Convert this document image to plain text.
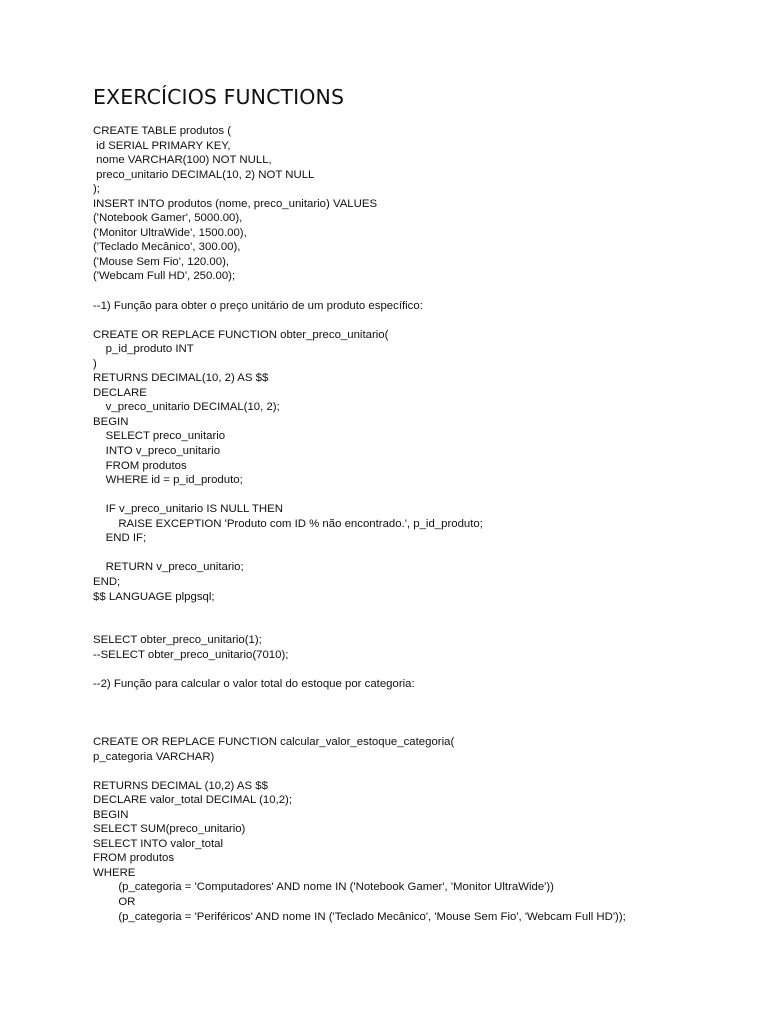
EXERCÍCIOS FUNCTIONS
CREATE TABLE produtos (
id SERIAL PRIMARY KEY,
nome VARCHAR(100) NOT NULL,
preco_unitario DECIMAL(10, 2) NOT NULL
);
INSERT INTO produtos (nome, preco_unitario) VALUES
('Notebook Gamer', 5000.00),
('Monitor UltraWide', 1500.00),
('Teclado Mecânico', 300.00),
('Mouse Sem Fio', 120.00),
('Webcam Full HD', 250.00);
--1) Função para obter o preço unitário de um produto específico:
CREATE OR REPLACE FUNCTION obter_preco_unitario(
p_id_produto INT
)
RETURNS DECIMAL(10, 2) AS $$
DECLARE
v_preco_unitario DECIMAL(10, 2);
BEGIN
SELECT preco_unitario
INTO v_preco_unitario
FROM produtos
WHERE id = p_id_produto;
IF v_preco_unitario IS NULL THEN
RAISE EXCEPTION 'Produto com ID % não encontrado.', p_id_produto;
END IF;
RETURN v_preco_unitario;
END;
$$ LANGUAGE plpgsql;
SELECT obter_preco_unitario(1);
--SELECT obter_preco_unitario(7010);
--2) Função para calcular o valor total do estoque por categoria:
CREATE OR REPLACE FUNCTION calcular_valor_estoque_categoria(
p_categoria VARCHAR)
RETURNS DECIMAL (10,2) AS $$
DECLARE valor_total DECIMAL (10,2);
BEGIN
SELECT SUM(preco_unitario)
SELECT INTO valor_total
FROM produtos
WHERE
(p_categoria = 'Computadores' AND nome IN ('Notebook Gamer', 'Monitor UltraWide'))
OR
(p_categoria = 'Periféricos' AND nome IN ('Teclado Mecânico', 'Mouse Sem Fio', 'Webcam Full HD'));
